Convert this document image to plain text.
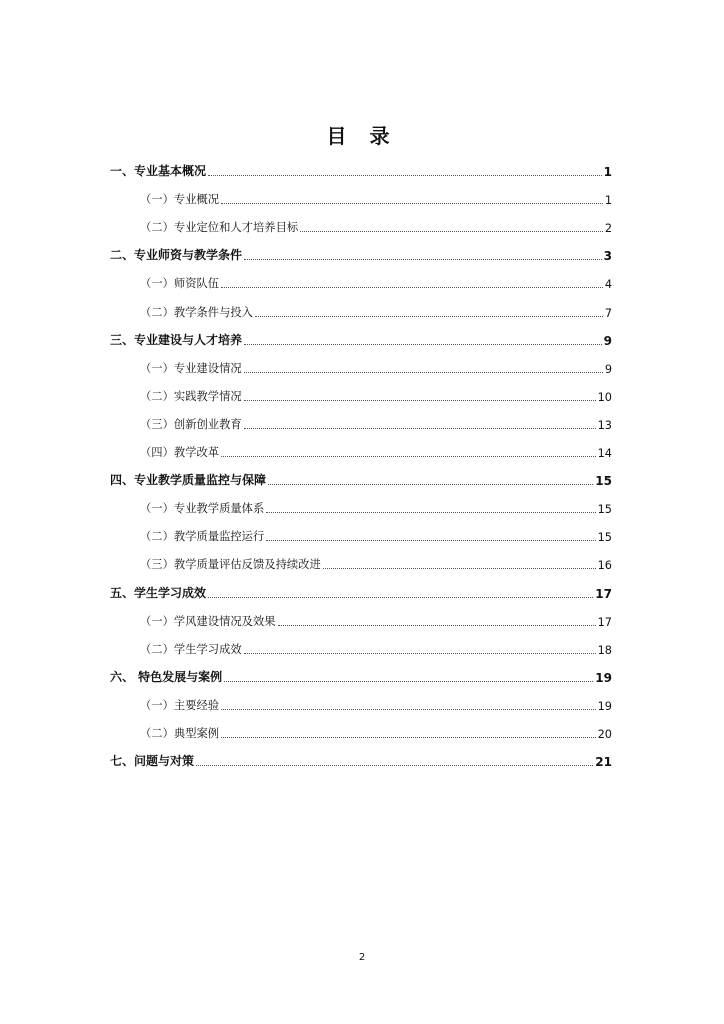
目 录
一、专业基本概况	1
（一）专业概况	1
（二）专业定位和人才培养目标	2
二、专业师资与教学条件	3
（一）师资队伍	4
（二）教学条件与投入	7
三、专业建设与人才培养	9
（一）专业建设情况	9
（二）实践教学情况	10
（三）创新创业教育	13
（四）教学改革	14
四、专业教学质量监控与保障	15
（一）专业教学质量体系	15
（二）教学质量监控运行	15
（三）教学质量评估反馈及持续改进	16
五、学生学习成效	17
（一）学风建设情况及效果	17
（二）学生学习成效	18
六、 特色发展与案例	19
（一）主要经验	19
（二）典型案例	20
七、问题与对策	21
2
